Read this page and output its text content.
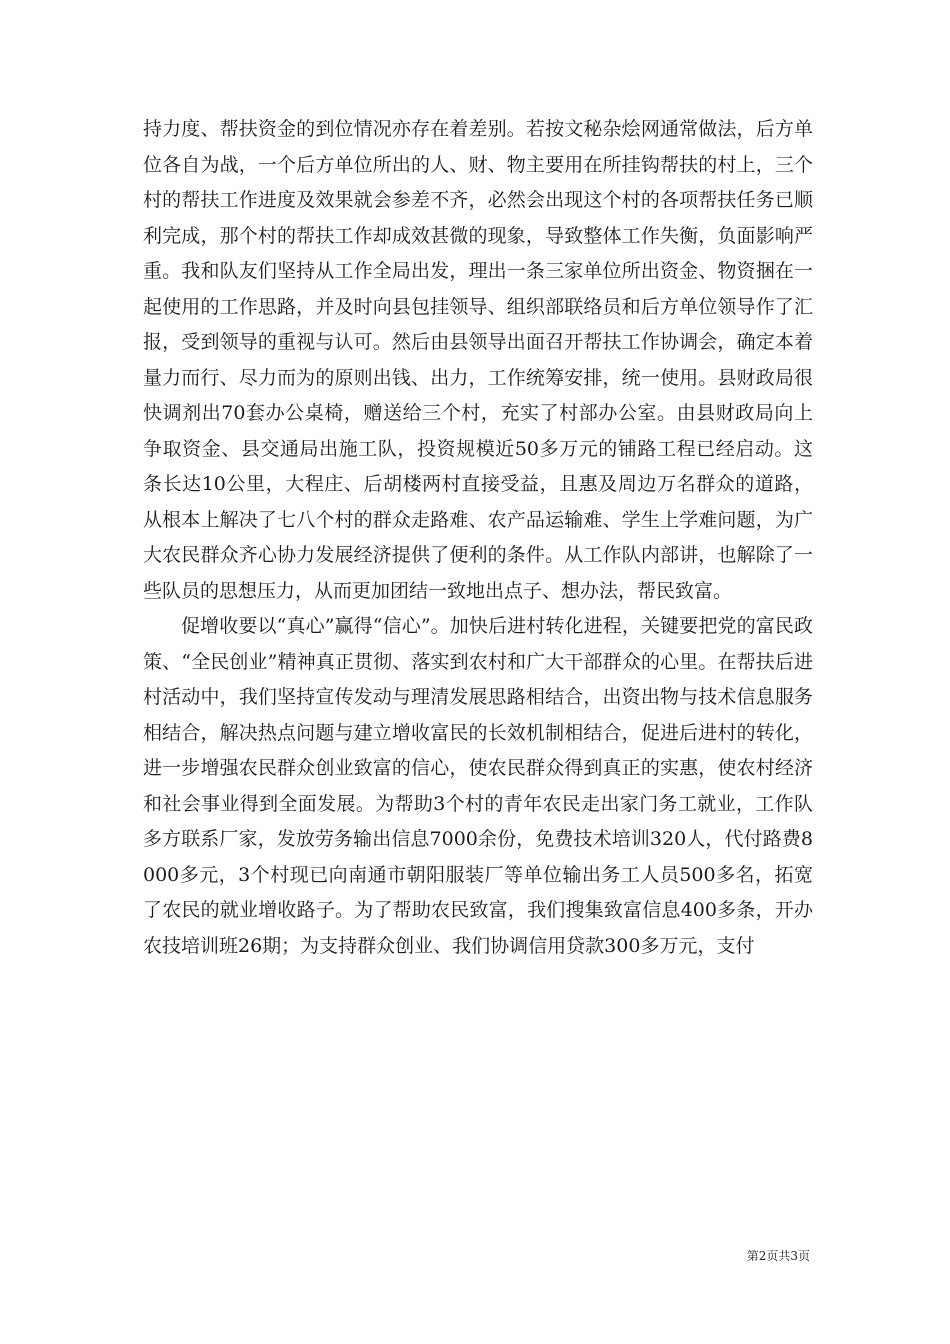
持力度、帮扶资金的到位情况亦存在着差别。若按文秘杂烩网通常做法，后方单位各自为战，一个后方单位所出的人、财、物主要用在所挂钩帮扶的村上，三个村的帮扶工作进度及效果就会参差不齐，必然会出现这个村的各项帮扶任务已顺利完成，那个村的帮扶工作却成效甚微的现象，导致整体工作失衡，负面影响严重。我和队友们坚持从工作全局出发，理出一条三家单位所出资金、物资捆在一起使用的工作思路，并及时向县包挂领导、组织部联络员和后方单位领导作了汇报，受到领导的重视与认可。然后由县领导出面召开帮扶工作协调会，确定本着量力而行、尽力而为的原则出钱、出力，工作统筹安排，统一使用。县财政局很快调剂出70套办公桌椅，赠送给三个村，充实了村部办公室。由县财政局向上争取资金、县交通局出施工队，投资规模近50多万元的铺路工程已经启动。这条长达10公里，大程庄、后胡楼两村直接受益，且惠及周边万名群众的道路，从根本上解决了七八个村的群众走路难、农产品运输难、学生上学难问题，为广大农民群众齐心协力发展经济提供了便利的条件。从工作队内部讲，也解除了一些队员的思想压力，从而更加团结一致地出点子、想办法，帮民致富。

促增收要以“真心”赢得“信心”。加快后进村转化进程，关键要把党的富民政策、“全民创业”精神真正贯彻、落实到农村和广大干部群众的心里。在帮扶后进村活动中，我们坚持宣传发动与理清发展思路相结合，出资出物与技术信息服务相结合，解决热点问题与建立增收富民的长效机制相结合，促进后进村的转化，进一步增强农民群众创业致富的信心，使农民群众得到真正的实惠，使农村经济和社会事业得到全面发展。为帮助3个村的青年农民走出家门务工就业，工作队多方联系厂家，发放劳务输出信息7000余份，免费技术培训320人，代付路费8000多元，3个村现已向南通市朝阳服装厂等单位输出务工人员500多名，拓宽了农民的就业增收路子。为了帮助农民致富，我们搜集致富信息400多条，开办农技培训班26期；为支持群众创业、我们协调信用贷款300多万元，支付

第2页共3页
